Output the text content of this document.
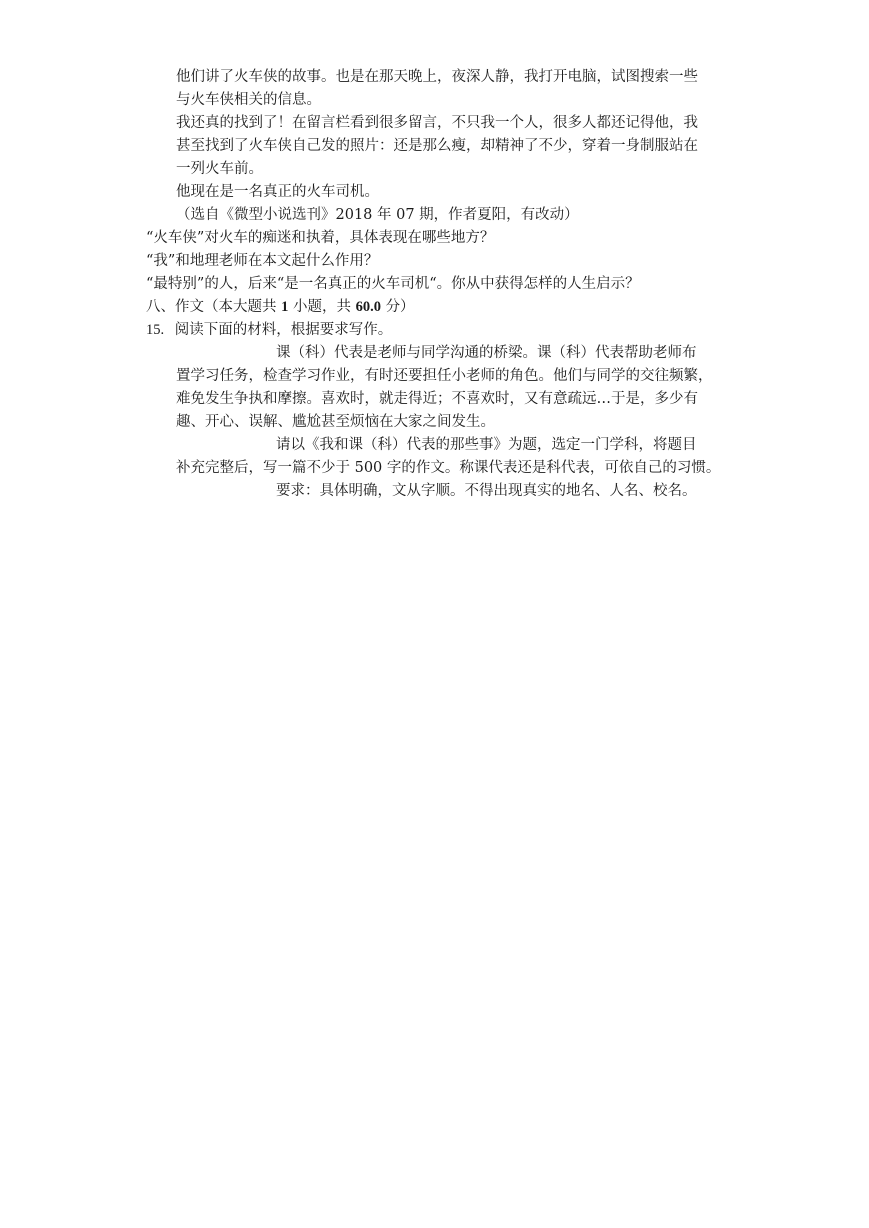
他们讲了火车侠的故事。也是在那天晚上，夜深人静，我打开电脑，试图搜索一些
与火车侠相关的信息。
我还真的找到了！在留言栏看到很多留言，不只我一个人，很多人都还记得他，我
甚至找到了火车侠自己发的照片：还是那么瘦，却精神了不少，穿着一身制服站在
一列火车前。
他现在是一名真正的火车司机。
（选自《微型小说选刊》2018 年 07 期，作者夏阳，有改动）
“火车侠”对火车的痴迷和执着，具体表现在哪些地方？
“我”和地理老师在本文起什么作用？
“最特别”的人，后来“是一名真正的火车司机“。你从中获得怎样的人生启示？
八、作文（本大题共 1 小题，共 60.0 分）
15. 阅读下面的材料，根据要求写作。
课（科）代表是老师与同学沟通的桥梁。课（科）代表帮助老师布
置学习任务，检查学习作业，有时还要担任小老师的角色。他们与同学的交往频繁，
难免发生争执和摩擦。喜欢时，就走得近；不喜欢时，又有意疏远…于是，多少有
趣、开心、误解、尴尬甚至烦恼在大家之间发生。
请以《我和课（科）代表的那些事》为题，选定一门学科，将题目
补充完整后，写一篇不少于 500 字的作文。称课代表还是科代表，可依自己的习惯。
要求：具体明确，文从字顺。不得出现真实的地名、人名、校名。
